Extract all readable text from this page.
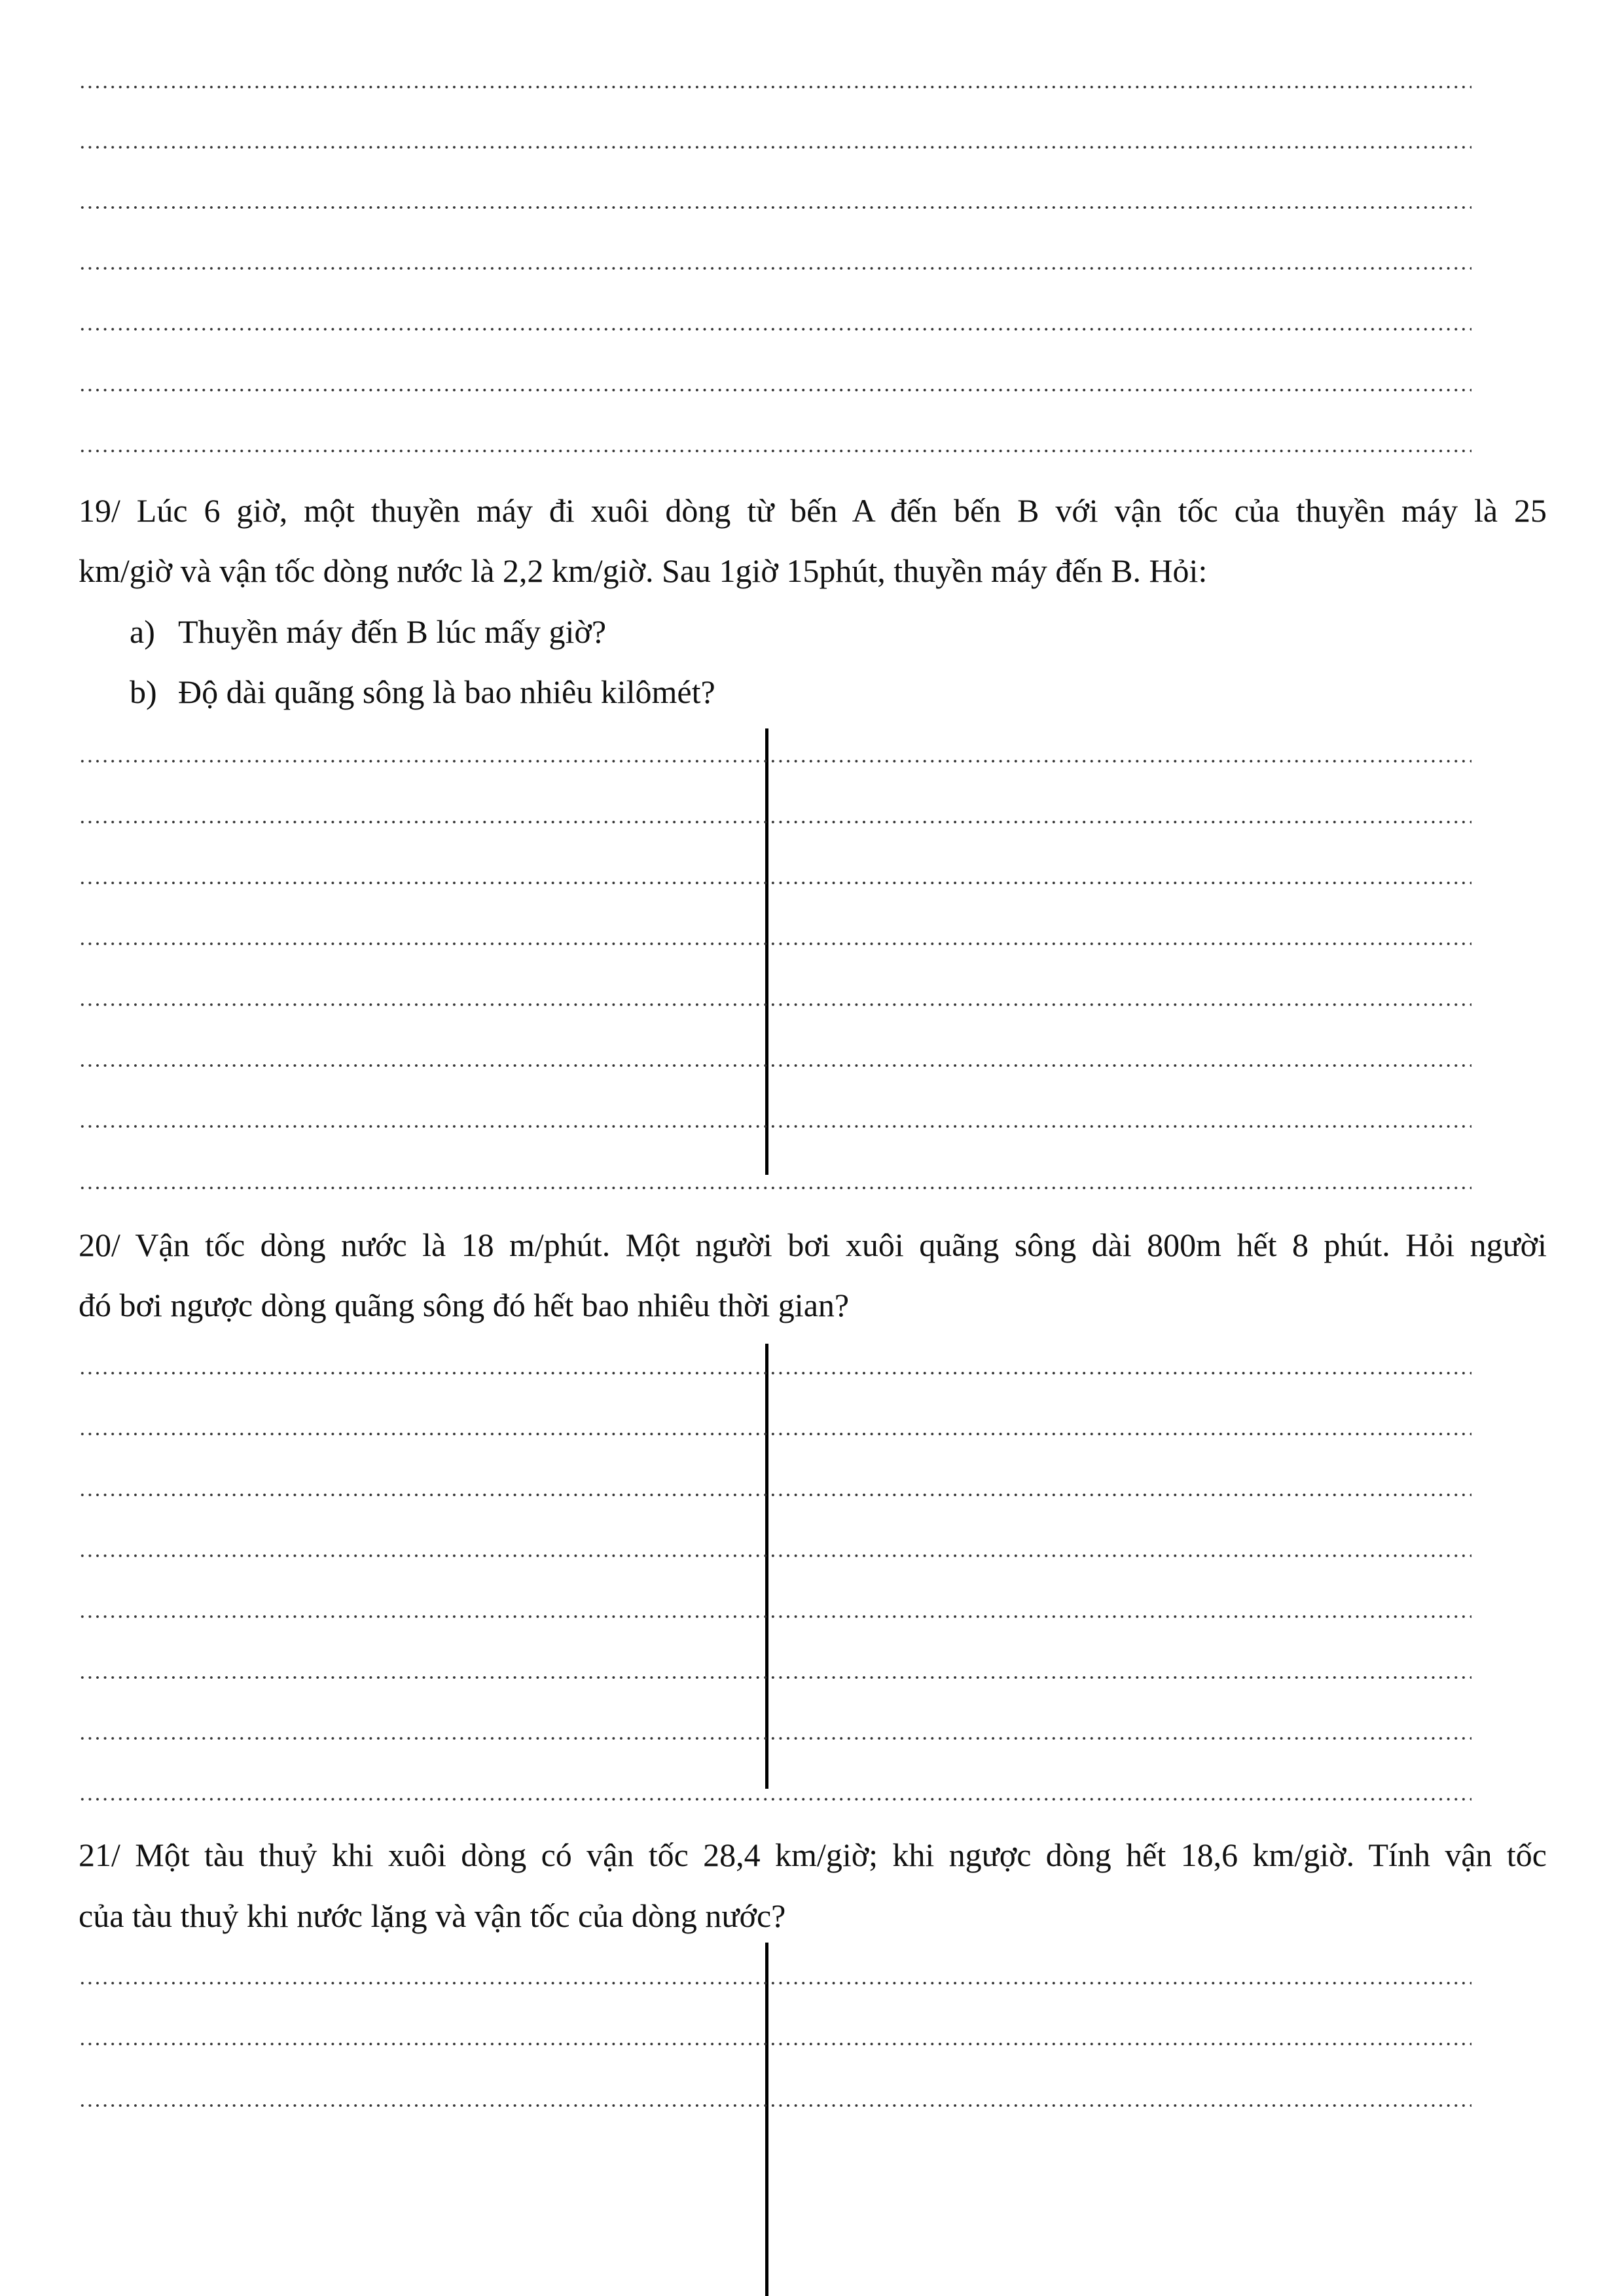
19/ Lúc 6 giờ, một thuyền máy đi xuôi dòng từ bến A đến bến B với vận tốc của thuyền máy là 25
km/giờ và vận tốc dòng nước là 2,2 km/giờ. Sau 1giờ 15phút, thuyền máy đến B. Hỏi:
a) Thuyền máy đến B lúc mấy giờ?
b) Độ dài quãng sông là bao nhiêu kilômét?
20/ Vận tốc dòng nước là 18 m/phút. Một người bơi xuôi quãng sông dài 800m hết 8 phút. Hỏi người
đó bơi ngược dòng quãng sông đó hết bao nhiêu thời gian?
21/ Một tàu thuỷ khi xuôi dòng có vận tốc 28,4 km/giờ; khi ngược dòng hết 18,6 km/giờ. Tính vận tốc
của tàu thuỷ khi nước lặng và vận tốc của dòng nước?
